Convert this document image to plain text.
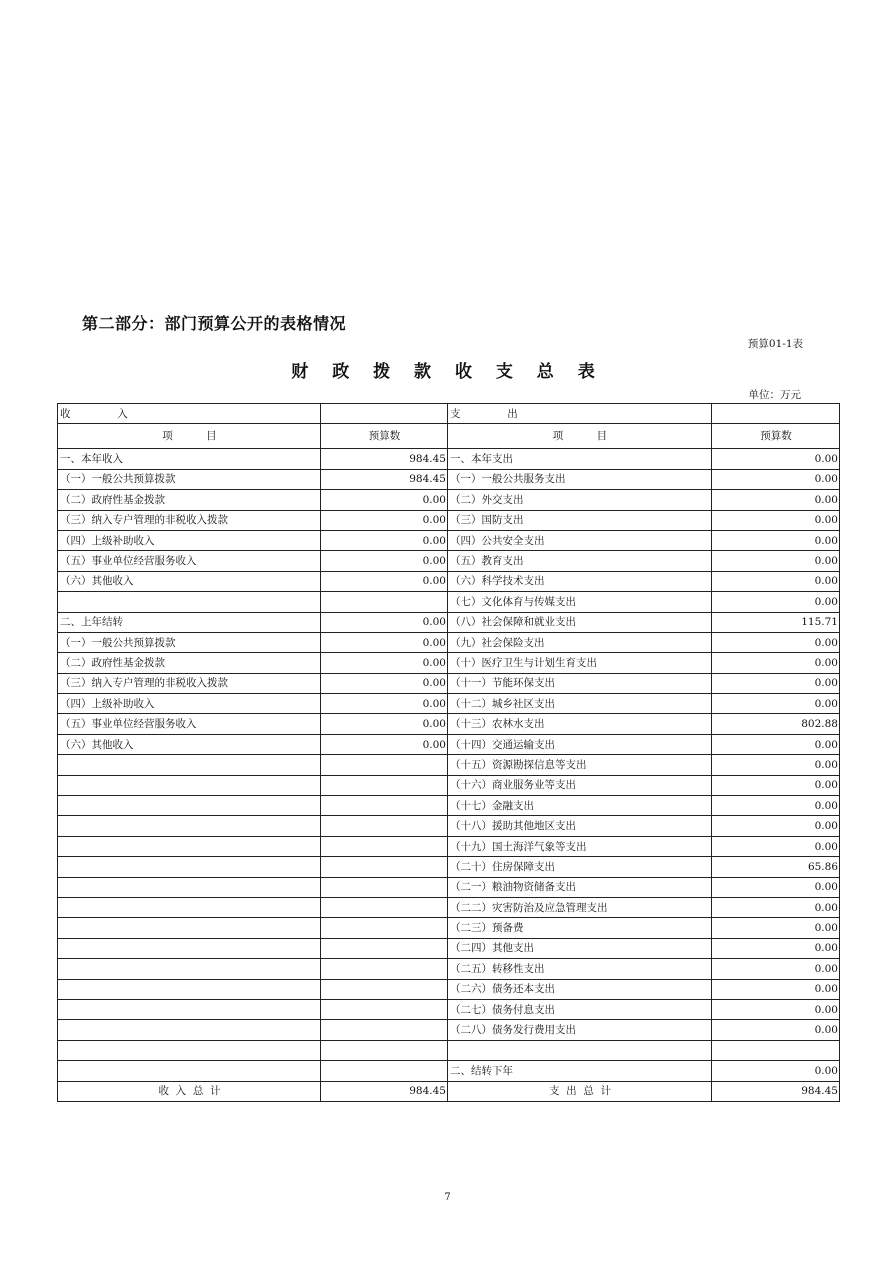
第二部分：部门预算公开的表格情况
预算01-1表
财 政 拨 款 收 支 总 表
单位：万元
收              入		支              出	
项          目	预算数	项          目	预算数
一、本年收入	984.45	一、本年支出	0.00
（一）一般公共预算拨款	984.45	（一）一般公共服务支出	0.00
（二）政府性基金拨款	0.00	（二）外交支出	0.00
（三）纳入专户管理的非税收入拨款	0.00	（三）国防支出	0.00
（四）上级补助收入	0.00	（四）公共安全支出	0.00
（五）事业单位经营服务收入	0.00	（五）教育支出	0.00
（六）其他收入	0.00	（六）科学技术支出	0.00
		（七）文化体育与传媒支出	0.00
二、上年结转	0.00	（八）社会保障和就业支出	115.71
（一）一般公共预算拨款	0.00	（九）社会保险支出	0.00
（二）政府性基金拨款	0.00	（十）医疗卫生与计划生育支出	0.00
（三）纳入专户管理的非税收入拨款	0.00	（十一）节能环保支出	0.00
（四）上级补助收入	0.00	（十二）城乡社区支出	0.00
（五）事业单位经营服务收入	0.00	（十三）农林水支出	802.88
（六）其他收入	0.00	（十四）交通运输支出	0.00
		（十五）资源勘探信息等支出	0.00
		（十六）商业服务业等支出	0.00
		（十七）金融支出	0.00
		（十八）援助其他地区支出	0.00
		（十九）国土海洋气象等支出	0.00
		（二十）住房保障支出	65.86
		（二一）粮油物资储备支出	0.00
		（二二）灾害防治及应急管理支出	0.00
		（二三）预备费	0.00
		（二四）其他支出	0.00
		（二五）转移性支出	0.00
		（二六）债务还本支出	0.00
		（二七）债务付息支出	0.00
		（二八）债务发行费用支出	0.00

		二、结转下年	0.00
收  入  总  计	984.45	支  出  总  计	984.45
7
